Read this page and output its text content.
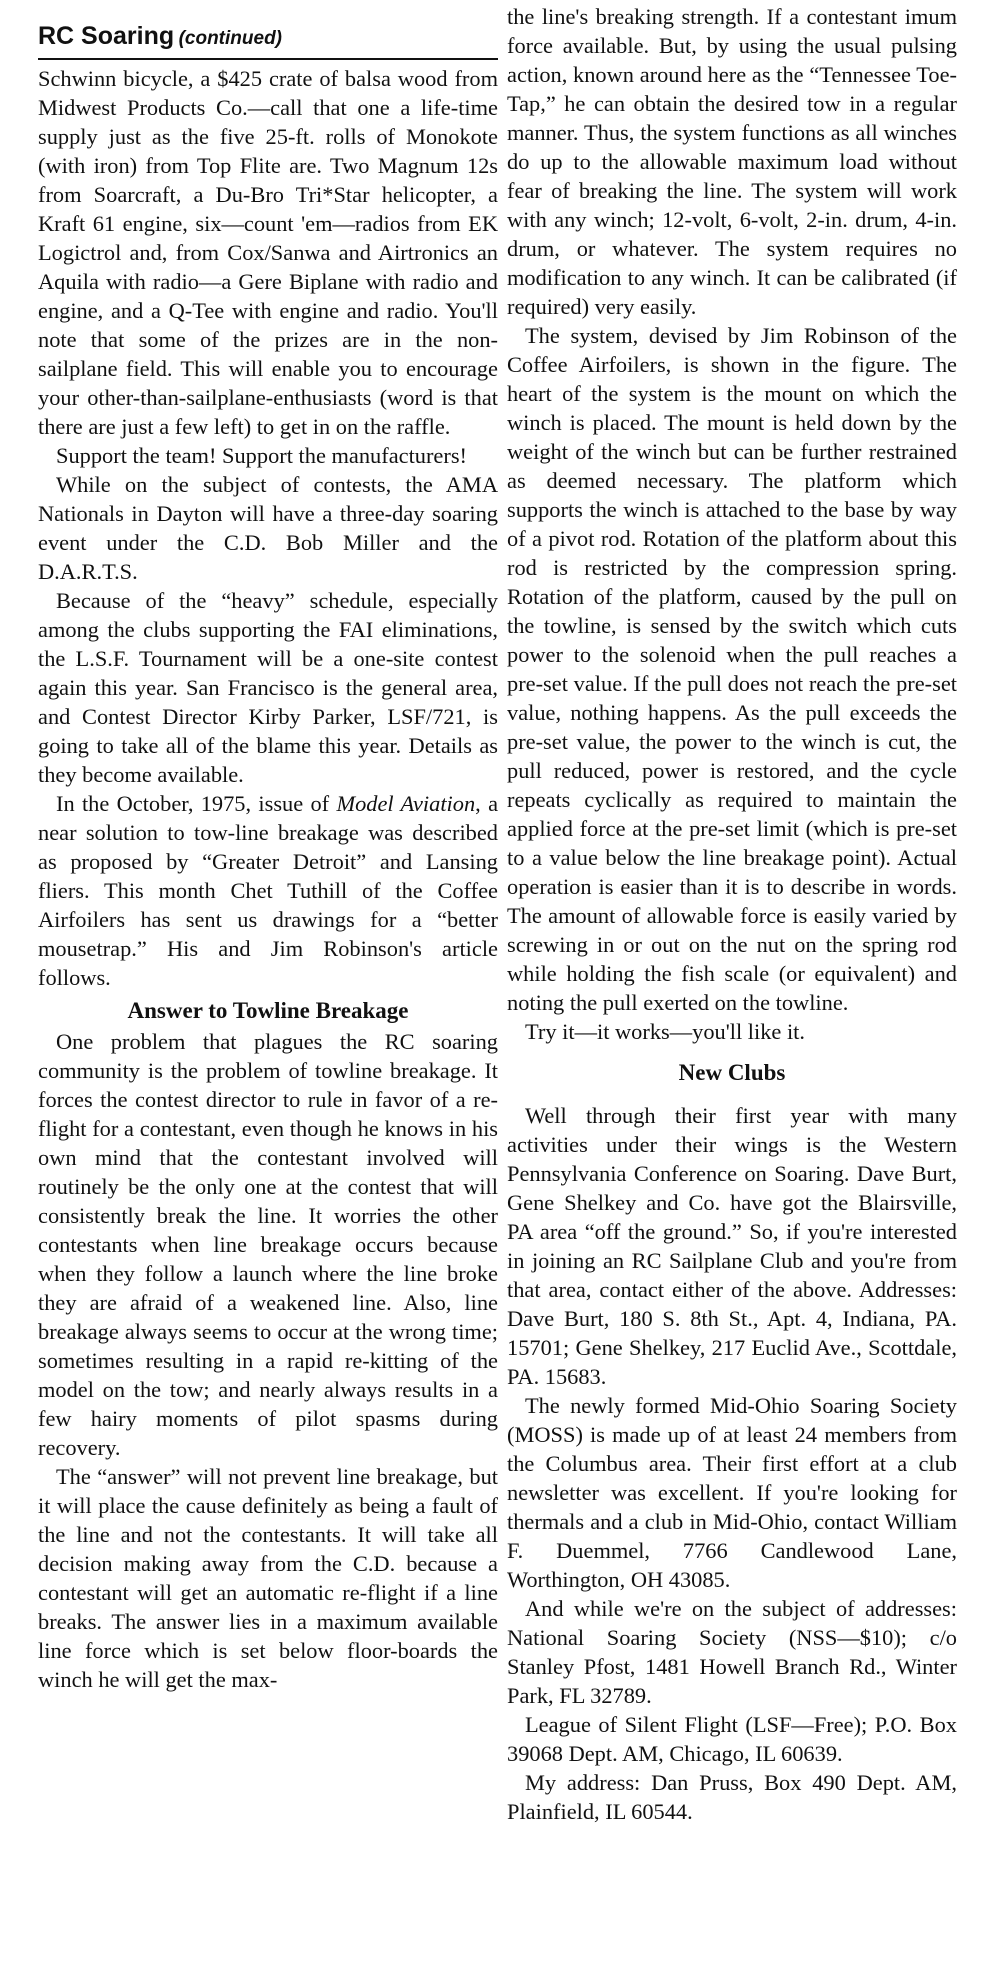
RC Soaring (continued)

Schwinn bicycle, a $425 crate of balsa wood from Midwest Products Co.—call that one a life-time supply just as the five 25-ft. rolls of Monokote (with iron) from Top Flite are. Two Magnum 12s from Soarcraft, a Du-Bro Tri*Star helicopter, a Kraft 61 engine, six—count 'em—radios from EK Logictrol and, from Cox/Sanwa and Airtronics an Aquila with radio—a Gere Biplane with radio and engine, and a Q-Tee with engine and radio. You'll note that some of the prizes are in the non-sailplane field. This will enable you to encourage your other-than-sailplane-enthusiasts (word is that there are just a few left) to get in on the raffle.

Support the team! Support the manufacturers!

While on the subject of contests, the AMA Nationals in Dayton will have a three-day soaring event under the C.D. Bob Miller and the D.A.R.T.S.

Because of the “heavy” schedule, especially among the clubs supporting the FAI eliminations, the L.S.F. Tournament will be a one-site contest again this year. San Francisco is the general area, and Contest Director Kirby Parker, LSF/721, is going to take all of the blame this year. Details as they become available.

In the October, 1975, issue of Model Aviation, a near solution to tow-line breakage was described as proposed by “Greater Detroit” and Lansing fliers. This month Chet Tuthill of the Coffee Airfoilers has sent us drawings for a “better mousetrap.” His and Jim Robinson's article follows.

Answer to Towline Breakage

One problem that plagues the RC soaring community is the problem of towline breakage. It forces the contest director to rule in favor of a re-flight for a contestant, even though he knows in his own mind that the contestant involved will routinely be the only one at the contest that will consistently break the line. It worries the other contestants when line breakage occurs because when they follow a launch where the line broke they are afraid of a weakened line. Also, line breakage always seems to occur at the wrong time; sometimes resulting in a rapid re-kitting of the model on the tow; and nearly always results in a few hairy moments of pilot spasms during recovery.

The “answer” will not prevent line breakage, but it will place the cause definitely as being a fault of the line and not the contestants. It will take all decision making away from the C.D. because a contestant will get an automatic re-flight if a line breaks. The answer lies in a maximum available line force which is set below floor-boards the winch he will get the max-

the line's breaking strength. If a contestant imum force available. But, by using the usual pulsing action, known around here as the “Tennessee Toe-Tap,” he can obtain the desired tow in a regular manner. Thus, the system functions as all winches do up to the allowable maximum load without fear of breaking the line. The system will work with any winch; 12-volt, 6-volt, 2-in. drum, 4-in. drum, or whatever. The system requires no modification to any winch. It can be calibrated (if required) very easily.

The system, devised by Jim Robinson of the Coffee Airfoilers, is shown in the figure. The heart of the system is the mount on which the winch is placed. The mount is held down by the weight of the winch but can be further restrained as deemed necessary. The platform which supports the winch is attached to the base by way of a pivot rod. Rotation of the platform about this rod is restricted by the compression spring. Rotation of the platform, caused by the pull on the towline, is sensed by the switch which cuts power to the solenoid when the pull reaches a pre-set value. If the pull does not reach the pre-set value, nothing happens. As the pull exceeds the pre-set value, the power to the winch is cut, the pull reduced, power is restored, and the cycle repeats cyclically as required to maintain the applied force at the pre-set limit (which is pre-set to a value below the line breakage point). Actual operation is easier than it is to describe in words. The amount of allowable force is easily varied by screwing in or out on the nut on the spring rod while holding the fish scale (or equivalent) and noting the pull exerted on the towline.

Try it—it works—you'll like it.

New Clubs

Well through their first year with many activities under their wings is the Western Pennsylvania Conference on Soaring. Dave Burt, Gene Shelkey and Co. have got the Blairsville, PA area “off the ground.” So, if you're interested in joining an RC Sailplane Club and you're from that area, contact either of the above. Addresses: Dave Burt, 180 S. 8th St., Apt. 4, Indiana, PA. 15701; Gene Shelkey, 217 Euclid Ave., Scottdale, PA. 15683.

The newly formed Mid-Ohio Soaring Society (MOSS) is made up of at least 24 members from the Columbus area. Their first effort at a club newsletter was excellent. If you're looking for thermals and a club in Mid-Ohio, contact William F. Duemmel, 7766 Candlewood Lane, Worthington, OH 43085.

And while we're on the subject of addresses: National Soaring Society (NSS—$10); c/o Stanley Pfost, 1481 Howell Branch Rd., Winter Park, FL 32789.

League of Silent Flight (LSF—Free); P.O. Box 39068 Dept. AM, Chicago, IL 60639.

My address: Dan Pruss, Box 490 Dept. AM, Plainfield, IL 60544.
